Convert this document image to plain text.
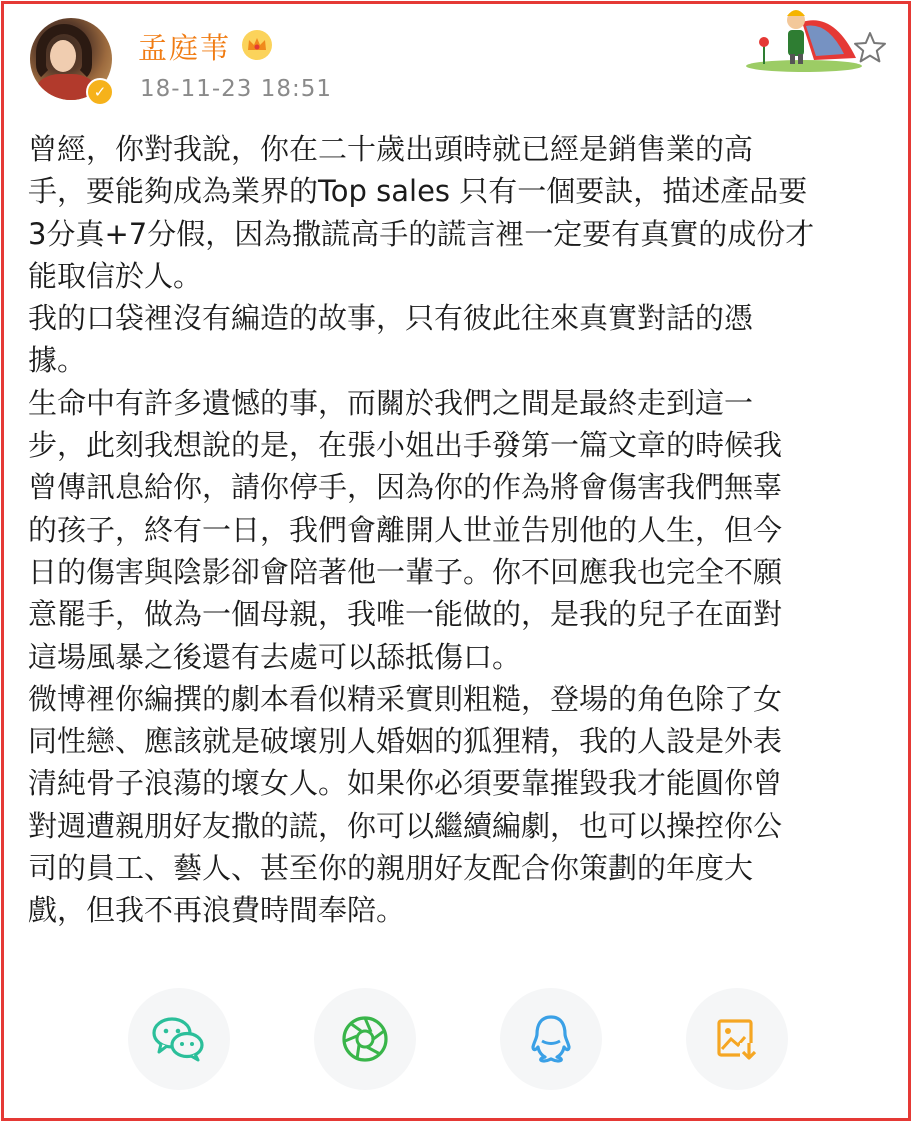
✓
孟庭苇
18-11-23 18:51

曾經，你對我說，你在二十歲出頭時就已經是銷售業的高
手，要能夠成為業界的Top sales 只有一個要訣，描述產品要
3分真+7分假，因為撒謊高手的謊言裡一定要有真實的成份才
能取信於人。

我的口袋裡沒有編造的故事，只有彼此往來真實對話的憑
據。

生命中有許多遺憾的事，而關於我們之間是最終走到這一
步，此刻我想說的是，在張小姐出手發第一篇文章的時候我
曾傳訊息給你，請你停手，因為你的作為將會傷害我們無辜
的孩子，終有一日，我們會離開人世並告別他的人生，但今
日的傷害與陰影卻會陪著他一輩子。你不回應我也完全不願
意罷手，做為一個母親，我唯一能做的，是我的兒子在面對
這場風暴之後還有去處可以舔抵傷口。

微博裡你編撰的劇本看似精采實則粗糙，登場的角色除了女
同性戀、應該就是破壞別人婚姻的狐狸精，我的人設是外表
清純骨子浪蕩的壞女人。如果你必須要靠摧毀我才能圓你曾
對週遭親朋好友撒的謊，你可以繼續編劇，也可以操控你公
司的員工、藝人、甚至你的親朋好友配合你策劃的年度大
戲，但我不再浪費時間奉陪。
